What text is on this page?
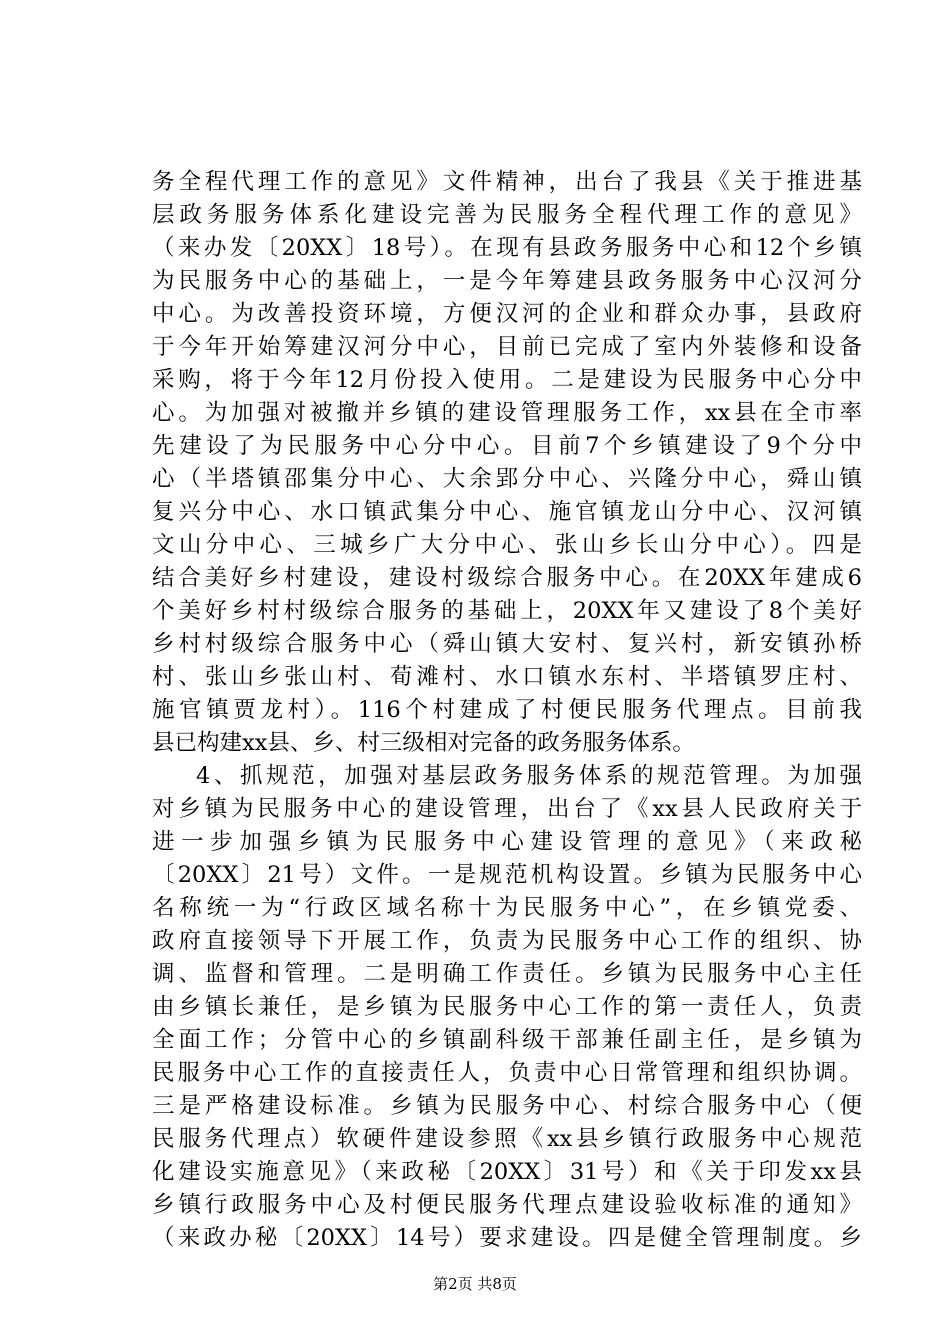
务全程代理工作的意见》文件精神，出台了我县《关于推进基
层政务服务体系化建设完善为民服务全程代理工作的意见》
（来办发〔20XX〕18号）。在现有县政务服务中心和12个乡镇
为民服务中心的基础上，一是今年筹建县政务服务中心汉河分
中心。为改善投资环境，方便汉河的企业和群众办事，县政府
于今年开始筹建汉河分中心，目前已完成了室内外装修和设备
采购，将于今年12月份投入使用。二是建设为民服务中心分中
心。为加强对被撤并乡镇的建设管理服务工作，xx县在全市率
先建设了为民服务中心分中心。目前7个乡镇建设了9个分中
心（半塔镇邵集分中心、大余郢分中心、兴隆分中心，舜山镇
复兴分中心、水口镇武集分中心、施官镇龙山分中心、汉河镇
文山分中心、三城乡广大分中心、张山乡长山分中心）。四是
结合美好乡村建设，建设村级综合服务中心。在20XX年建成6
个美好乡村村级综合服务的基础上，20XX年又建设了8个美好
乡村村级综合服务中心（舜山镇大安村、复兴村，新安镇孙桥
村、张山乡张山村、荀滩村、水口镇水东村、半塔镇罗庄村、
施官镇贾龙村）。116个村建成了村便民服务代理点。目前我
县已构建xx县、乡、村三级相对完备的政务服务体系。
4、抓规范，加强对基层政务服务体系的规范管理。为加强
对乡镇为民服务中心的建设管理，出台了《xx县人民政府关于
进一步加强乡镇为民服务中心建设管理的意见》（来政秘
〔20XX〕21号）文件。一是规范机构设置。乡镇为民服务中心
名称统一为“行政区域名称十为民服务中心”，在乡镇党委、
政府直接领导下开展工作，负责为民服务中心工作的组织、协
调、监督和管理。二是明确工作责任。乡镇为民服务中心主任
由乡镇长兼任，是乡镇为民服务中心工作的第一责任人，负责
全面工作；分管中心的乡镇副科级干部兼任副主任，是乡镇为
民服务中心工作的直接责任人，负责中心日常管理和组织协调。
三是严格建设标准。乡镇为民服务中心、村综合服务中心（便
民服务代理点）软硬件建设参照《xx县乡镇行政服务中心规范
化建设实施意见》（来政秘〔20XX〕31号）和《关于印发xx县
乡镇行政服务中心及村便民服务代理点建设验收标准的通知》
（来政办秘〔20XX〕14号）要求建设。四是健全管理制度。乡
第2页 共8页
